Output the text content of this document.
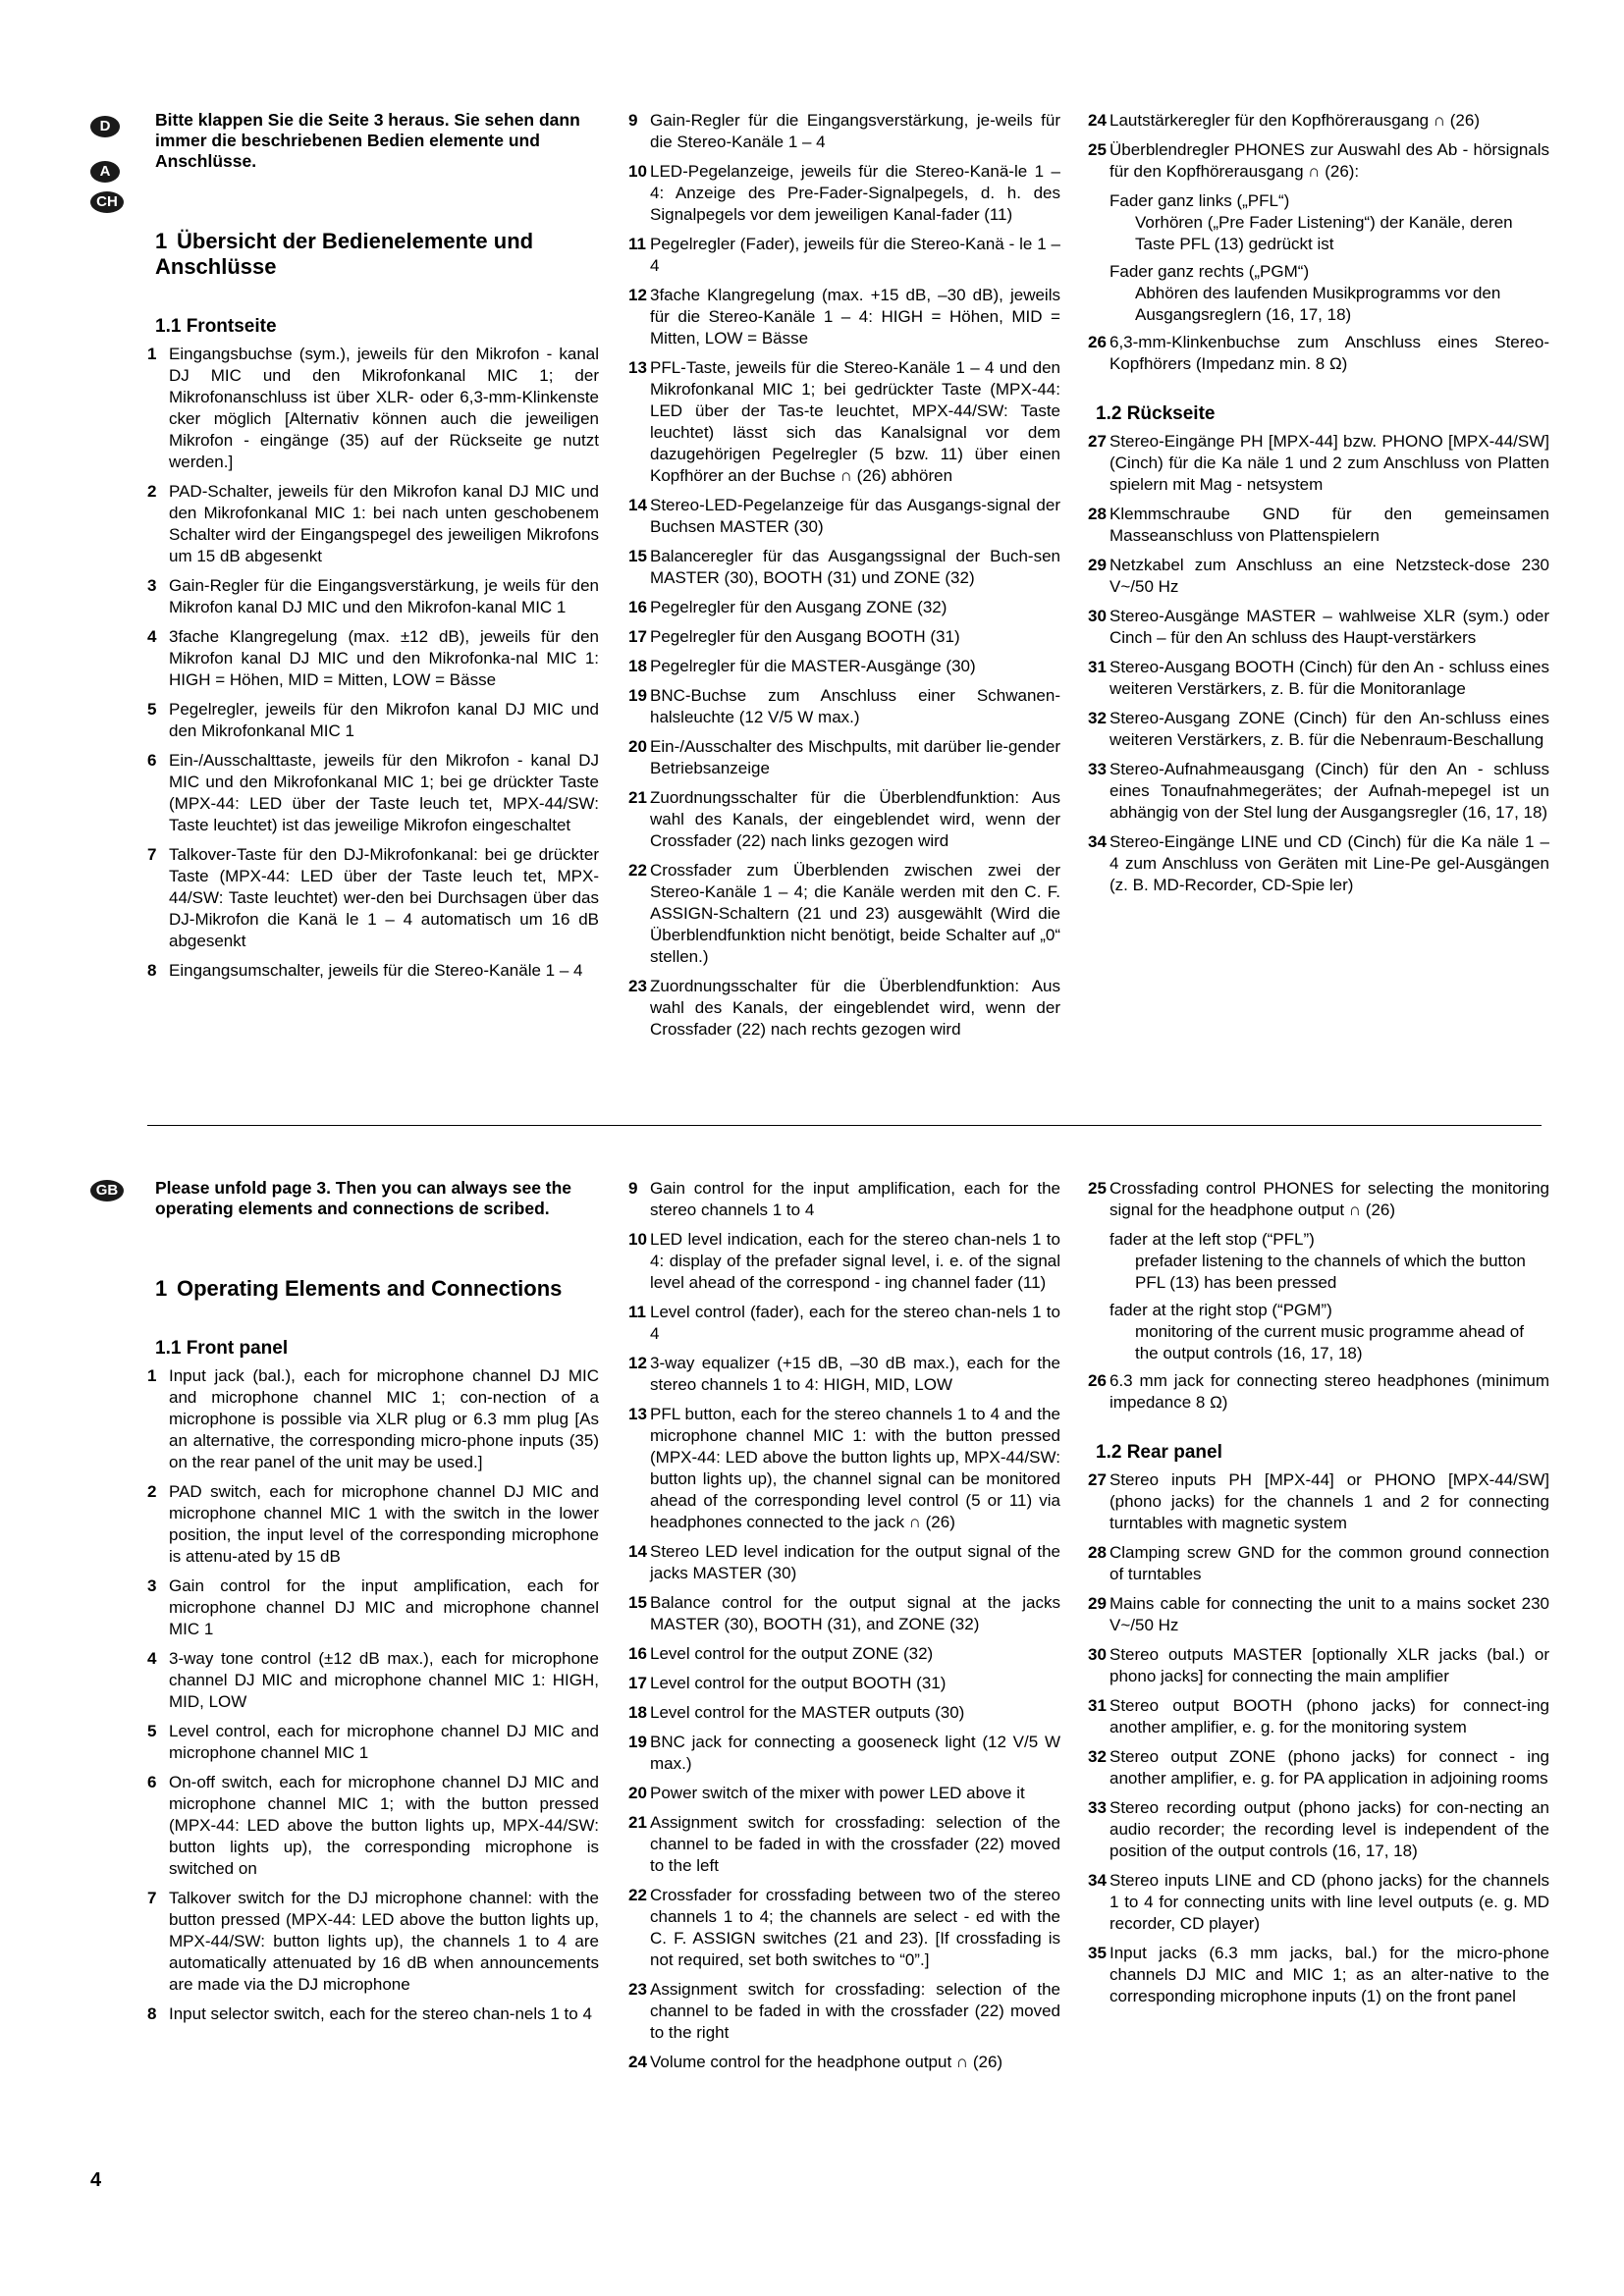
D
A
CH
GB

Bitte klappen Sie die Seite 3 heraus. Sie sehen dann immer die beschriebenen Bedien elemente und Anschlüsse.

1 Übersicht der Bedienelemente und Anschlüsse

1.1 Frontseite

1 Eingangsbuchse (sym.), jeweils für den Mikrofon - kanal DJ MIC und den Mikrofonkanal MIC 1; der Mikrofonanschluss ist über XLR- oder 6,3-mm-Klinkenste cker möglich [Alternativ können auch die jeweiligen Mikrofon - eingänge (35) auf der Rückseite ge nutzt werden.]

2 PAD-Schalter, jeweils für den Mikrofon kanal DJ MIC und den Mikrofonkanal MIC 1: bei nach unten geschobenem Schalter wird der Eingangspegel des jeweiligen Mikrofons um 15 dB abgesenkt

3 Gain-Regler für die Eingangsverstärkung, je weils für den Mikrofon kanal DJ MIC und den Mikrofon-kanal MIC 1

4 3fache Klangregelung (max. ±12 dB), jeweils für den Mikrofon kanal DJ MIC und den Mikrofonka-nal MIC 1: HIGH = Höhen, MID = Mitten, LOW = Bässe

5 Pegelregler, jeweils für den Mikrofon kanal DJ MIC und den Mikrofonkanal MIC 1

6 Ein-/Ausschalttaste, jeweils für den Mikrofon - kanal DJ MIC und den Mikrofonkanal MIC 1; bei ge drückter Taste (MPX-44: LED über der Taste leuch tet, MPX-44/SW: Taste leuchtet) ist das jeweilige Mikrofon eingeschaltet

7 Talkover-Taste für den DJ-Mikrofonkanal: bei ge drückter Taste (MPX-44: LED über der Taste leuch tet, MPX-44/SW: Taste leuchtet) wer-den bei Durchsagen über das DJ-Mikrofon die Kanä le 1 – 4 automatisch um 16 dB abgesenkt

8 Eingangsumschalter, jeweils für die Stereo-Kanäle 1 – 4

9 Gain-Regler für die Eingangsverstärkung, je-weils für die Stereo-Kanäle 1 – 4

10 LED-Pegelanzeige, jeweils für die Stereo-Kanä-le 1 – 4: Anzeige des Pre-Fader-Signalpegels, d. h. des Signalpegels vor dem jeweiligen Kanal-fader (11)

11 Pegelregler (Fader), jeweils für die Stereo-Kanä - le 1 – 4

12 3fache Klangregelung (max. +15 dB, –30 dB), jeweils für die Stereo-Kanäle 1 – 4: HIGH = Höhen, MID = Mitten, LOW = Bässe

13 PFL-Taste, jeweils für die Stereo-Kanäle 1 – 4 und den Mikrofonkanal MIC 1; bei gedrückter Taste (MPX-44: LED über der Tas-te leuchtet, MPX-44/SW: Taste leuchtet) lässt sich das Kanalsignal vor dem dazugehörigen Pegelregler (5 bzw. 11) über einen Kopfhörer an der Buchse ∩ (26) abhören

14 Stereo-LED-Pegelanzeige für das Ausgangs-signal der Buchsen MASTER (30)

15 Balanceregler für das Ausgangssignal der Buch-sen MASTER (30), BOOTH (31) und ZONE (32)

16 Pegelregler für den Ausgang ZONE (32)

17 Pegelregler für den Ausgang BOOTH (31)

18 Pegelregler für die MASTER-Ausgänge (30)

19 BNC-Buchse zum Anschluss einer Schwanen-halsleuchte (12 V/5 W max.)

20 Ein-/Ausschalter des Mischpults, mit darüber lie-gender Betriebsanzeige

21 Zuordnungsschalter für die Überblendfunktion: Aus wahl des Kanals, der eingeblendet wird, wenn der Crossfader (22) nach links gezogen wird

22 Crossfader zum Überblenden zwischen zwei der Stereo-Kanäle 1 – 4; die Kanäle werden mit den C. F. ASSIGN-Schaltern (21 und 23) ausgewählt (Wird die Überblendfunktion nicht benötigt, beide Schalter auf „0“ stellen.)

23 Zuordnungsschalter für die Überblendfunktion: Aus wahl des Kanals, der eingeblendet wird, wenn der Crossfader (22) nach rechts gezogen wird

24 Lautstärkeregler für den Kopfhörerausgang ∩ (26)

25 Überblendregler PHONES zur Auswahl des Ab - hörsignals für den Kopfhörerausgang ∩ (26):

Fader ganz links („PFL“)
Vorhören („Pre Fader Listening“) der Kanäle, deren Taste PFL (13) gedrückt ist

Fader ganz rechts („PGM“)
Abhören des laufenden Musikprogramms vor den Ausgangsreglern (16, 17, 18)

26 6,3-mm-Klinkenbuchse zum Anschluss eines Stereo-Kopfhörers (Impedanz min. 8 Ω)

1.2 Rückseite

27 Stereo-Eingänge PH [MPX-44] bzw. PHONO [MPX-44/SW] (Cinch) für die Ka näle 1 und 2 zum Anschluss von Platten spielern mit Mag - netsystem

28 Klemmschraube GND für den gemeinsamen Masseanschluss von Plattenspielern

29 Netzkabel zum Anschluss an eine Netzsteck-dose 230 V~/50 Hz

30 Stereo-Ausgänge MASTER – wahlweise XLR (sym.) oder Cinch – für den An schluss des Haupt-verstärkers

31 Stereo-Ausgang BOOTH (Cinch) für den An - schluss eines weiteren Verstärkers, z. B. für die Monitoranlage

32 Stereo-Ausgang ZONE (Cinch) für den An-schluss eines weiteren Verstärkers, z. B. für die Nebenraum-Beschallung

33 Stereo-Aufnahmeausgang (Cinch) für den An - schluss eines Tonaufnahmegerätes; der Aufnah-mepegel ist un abhängig von der Stel lung der Ausgangsregler (16, 17, 18)

34 Stereo-Eingänge LINE und CD (Cinch) für die Ka näle 1 – 4 zum Anschluss von Geräten mit Line-Pe gel-Ausgängen (z. B. MD-Recorder, CD-Spie ler)

Please unfold page 3. Then you can always see the operating elements and connections de scribed.

1 Operating Elements and Connections

1.1 Front panel

1 Input jack (bal.), each for microphone channel DJ MIC and microphone channel MIC 1; con-nection of a microphone is possible via XLR plug or 6.3 mm plug [As an alternative, the corresponding micro-phone inputs (35) on the rear panel of the unit may be used.]

2 PAD switch, each for microphone channel DJ MIC and microphone channel MIC 1 with the switch in the lower position, the input level of the corresponding microphone is attenu-ated by 15 dB

3 Gain control for the input amplification, each for microphone channel DJ MIC and microphone channel MIC 1

4 3-way tone control (±12 dB max.), each for microphone channel DJ MIC and microphone channel MIC 1: HIGH, MID, LOW

5 Level control, each for microphone channel DJ MIC and microphone channel MIC 1

6 On-off switch, each for microphone channel DJ MIC and microphone channel MIC 1; with the button pressed (MPX-44: LED above the button lights up, MPX-44/SW: button lights up), the corresponding microphone is switched on

7 Talkover switch for the DJ microphone channel: with the button pressed (MPX-44: LED above the button lights up, MPX-44/SW: button lights up), the channels 1 to 4 are automatically attenuated by 16 dB when announcements are made via the DJ microphone

8 Input selector switch, each for the stereo chan-nels 1 to 4

9 Gain control for the input amplification, each for the stereo channels 1 to 4

10 LED level indication, each for the stereo chan-nels 1 to 4: display of the prefader signal level, i. e. of the signal level ahead of the correspond - ing channel fader (11)

11 Level control (fader), each for the stereo chan-nels 1 to 4

12 3-way equalizer (+15 dB, –30 dB max.), each for the stereo channels 1 to 4: HIGH, MID, LOW

13 PFL button, each for the stereo channels 1 to 4 and the microphone channel MIC 1: with the button pressed (MPX-44: LED above the button lights up, MPX-44/SW: button lights up), the channel signal can be monitored ahead of the corresponding level control (5 or 11) via headphones connected to the jack ∩ (26)

14 Stereo LED level indication for the output signal of the jacks MASTER (30)

15 Balance control for the output signal at the jacks MASTER (30), BOOTH (31), and ZONE (32)

16 Level control for the output ZONE (32)

17 Level control for the output BOOTH (31)

18 Level control for the MASTER outputs (30)

19 BNC jack for connecting a gooseneck light (12 V/5 W max.)

20 Power switch of the mixer with power LED above it

21 Assignment switch for crossfading: selection of the channel to be faded in with the crossfader (22) moved to the left

22 Crossfader for crossfading between two of the stereo channels 1 to 4; the channels are select - ed with the C. F. ASSIGN switches (21 and 23). [If crossfading is not required, set both switches to “0”.]

23 Assignment switch for crossfading: selection of the channel to be faded in with the crossfader (22) moved to the right

24 Volume control for the headphone output ∩ (26)

25 Crossfading control PHONES for selecting the monitoring signal for the headphone output ∩ (26)

fader at the left stop (“PFL”)
prefader listening to the channels of which the button PFL (13) has been pressed

fader at the right stop (“PGM”)
monitoring of the current music programme ahead of the output controls (16, 17, 18)

26 6.3 mm jack for connecting stereo headphones (minimum impedance 8 Ω)

1.2 Rear panel

27 Stereo inputs PH [MPX-44] or PHONO [MPX-44/SW] (phono jacks) for the channels 1 and 2 for connecting turntables with magnetic system

28 Clamping screw GND for the common ground connection of turntables

29 Mains cable for connecting the unit to a mains socket 230 V~/50 Hz

30 Stereo outputs MASTER [optionally XLR jacks (bal.) or phono jacks] for connecting the main amplifier

31 Stereo output BOOTH (phono jacks) for connect-ing another amplifier, e. g. for the monitoring system

32 Stereo output ZONE (phono jacks) for connect - ing another amplifier, e. g. for PA application in adjoining rooms

33 Stereo recording output (phono jacks) for con-necting an audio recorder; the recording level is independent of the position of the output controls (16, 17, 18)

34 Stereo inputs LINE and CD (phono jacks) for the channels 1 to 4 for connecting units with line level outputs (e. g. MD recorder, CD player)

35 Input jacks (6.3 mm jacks, bal.) for the micro-phone channels DJ MIC and MIC 1; as an alter-native to the corresponding microphone inputs (1) on the front panel

4
